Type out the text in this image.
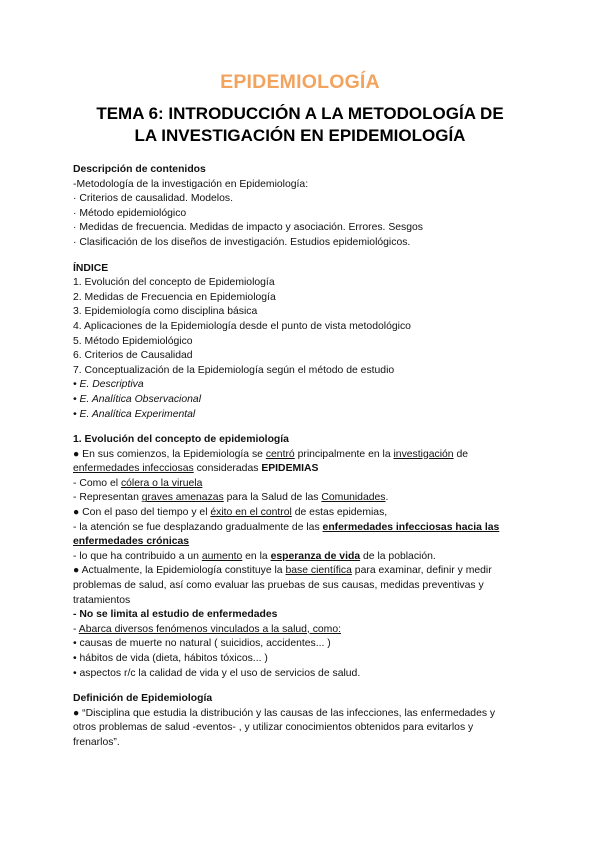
EPIDEMIOLOGÍA
TEMA 6: INTRODUCCIÓN A LA METODOLOGÍA DE
LA INVESTIGACIÓN EN EPIDEMIOLOGÍA
Descripción de contenidos
-Metodología de la investigación en Epidemiología:
· Criterios de causalidad. Modelos.
· Método epidemiológico
· Medidas de frecuencia. Medidas de impacto y asociación. Errores. Sesgos
· Clasificación de los diseños de investigación. Estudios epidemiológicos.
ÍNDICE
1. Evolución del concepto de Epidemiología
2. Medidas de Frecuencia en Epidemiología
3. Epidemiología como disciplina básica
4. Aplicaciones de la Epidemiología desde el punto de vista metodológico
5. Método Epidemiológico
6. Criterios de Causalidad
7. Conceptualización de la Epidemiología según el método de estudio
• E. Descriptiva
• E. Analítica Observacional
• E. Analítica Experimental
1. Evolución del concepto de epidemiología
● En sus comienzos, la Epidemiología se centró principalmente en la investigación de
enfermedades infecciosas consideradas EPIDEMIAS
- Como el cólera o la viruela
- Representan graves amenazas para la Salud de las Comunidades.
● Con el paso del tiempo y el éxito en el control de estas epidemias,
- la atención se fue desplazando gradualmente de las enfermedades infecciosas hacia las
enfermedades crónicas
- lo que ha contribuido a un aumento en la esperanza de vida de la población.
● Actualmente, la Epidemiología constituye la base científica para examinar, definir y medir
problemas de salud, así como evaluar las pruebas de sus causas, medidas preventivas y
tratamientos
- No se limita al estudio de enfermedades
- Abarca diversos fenómenos vinculados a la salud, como:
• causas de muerte no natural ( suicidios, accidentes... )
• hábitos de vida (dieta, hábitos tóxicos... )
• aspectos r/c la calidad de vida y el uso de servicios de salud.
Definición de Epidemiología
● “Disciplina que estudia la distribución y las causas de las infecciones, las enfermedades y
otros problemas de salud -eventos- , y utilizar conocimientos obtenidos para evitarlos y
frenarlos”.
